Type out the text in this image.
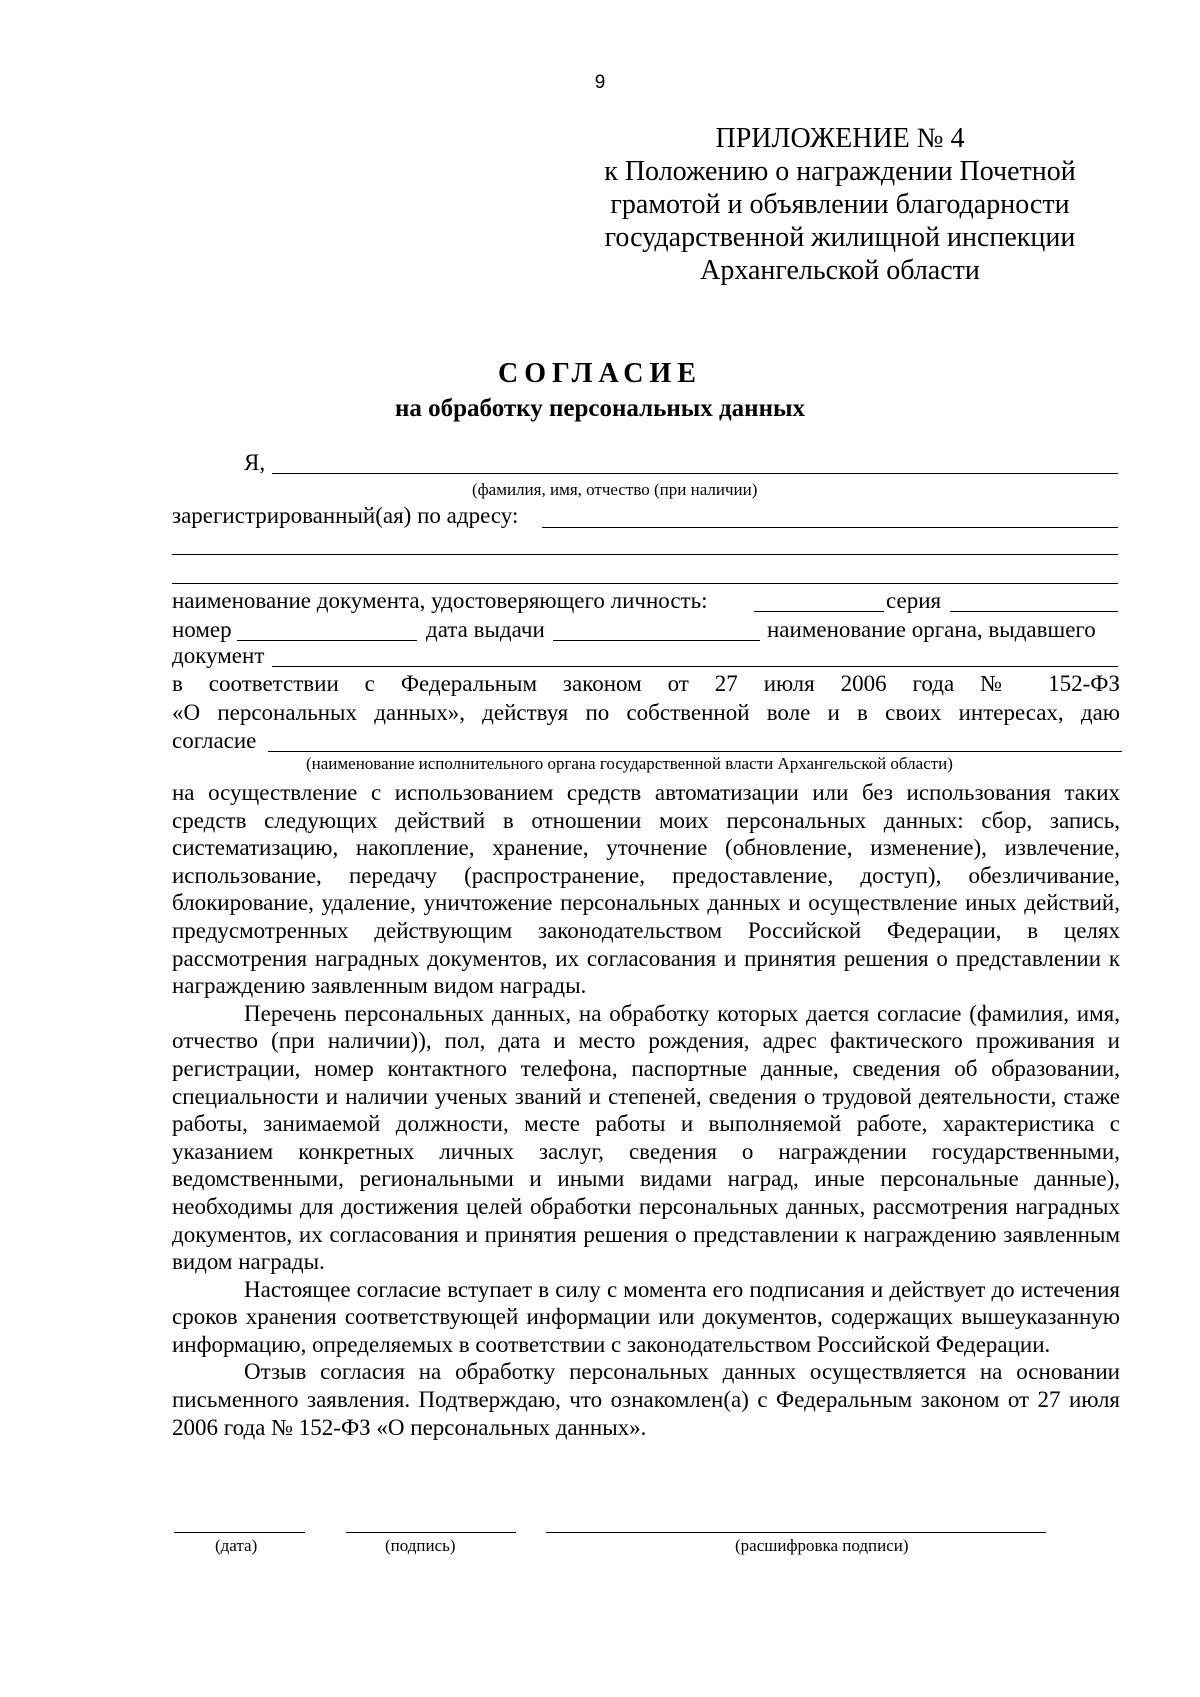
9
ПРИЛОЖЕНИЕ № 4
к Положению о награждении Почетной
грамотой и объявлении благодарности
государственной жилищной инспекции
Архангельской области
СОГЛАСИЕ
на обработку персональных данных
Я,
(фамилия, имя, отчество (при наличии)
зарегистрированный(ая) по адресу:
наименование документа, удостоверяющего личность:	серия
номер	дата выдачи	наименование органа, выдавшего
документ
в соответствии с Федеральным законом от 27 июля 2006 года № 152-ФЗ
«О персональных данных», действуя по собственной воле и в своих интересах, даю
согласие
(наименование исполнительного органа государственной власти Архангельской области)

на осуществление с использованием средств автоматизации или без использования таких средств следующих действий в отношении моих персональных данных: сбор, запись, систематизацию, накопление, хранение, уточнение (обновление, изменение), извлечение, использование, передачу (распространение, предоставление, доступ), обезличивание, блокирование, удаление, уничтожение персональных данных и осуществление иных действий, предусмотренных действующим законодательством Российской Федерации, в целях рассмотрения наградных документов, их согласования и принятия решения о представлении к награждению заявленным видом награды.

Перечень персональных данных, на обработку которых дается согласие (фамилия, имя, отчество (при наличии)), пол, дата и место рождения, адрес фактического проживания и регистрации, номер контактного телефона, паспортные данные, сведения об образовании, специальности и наличии ученых званий и степеней, сведения о трудовой деятельности, стаже работы, занимаемой должности, месте работы и выполняемой работе, характеристика с указанием конкретных личных заслуг, сведения о награждении государственными, ведомственными, региональными и иными видами наград, иные персональные данные), необходимы для достижения целей обработки персональных данных, рассмотрения наградных документов, их согласования и принятия решения о представлении к награждению заявленным видом награды.

Настоящее согласие вступает в силу с момента его подписания и действует до истечения сроков хранения соответствующей информации или документов, содержащих вышеуказанную информацию, определяемых в соответствии с законодательством Российской Федерации.

Отзыв согласия на обработку персональных данных осуществляется на основании письменного заявления. Подтверждаю, что ознакомлен(а) с Федеральным законом от 27 июля 2006 года № 152-ФЗ «О персональных данных».

(дата)	(подпись)	(расшифровка подписи)
